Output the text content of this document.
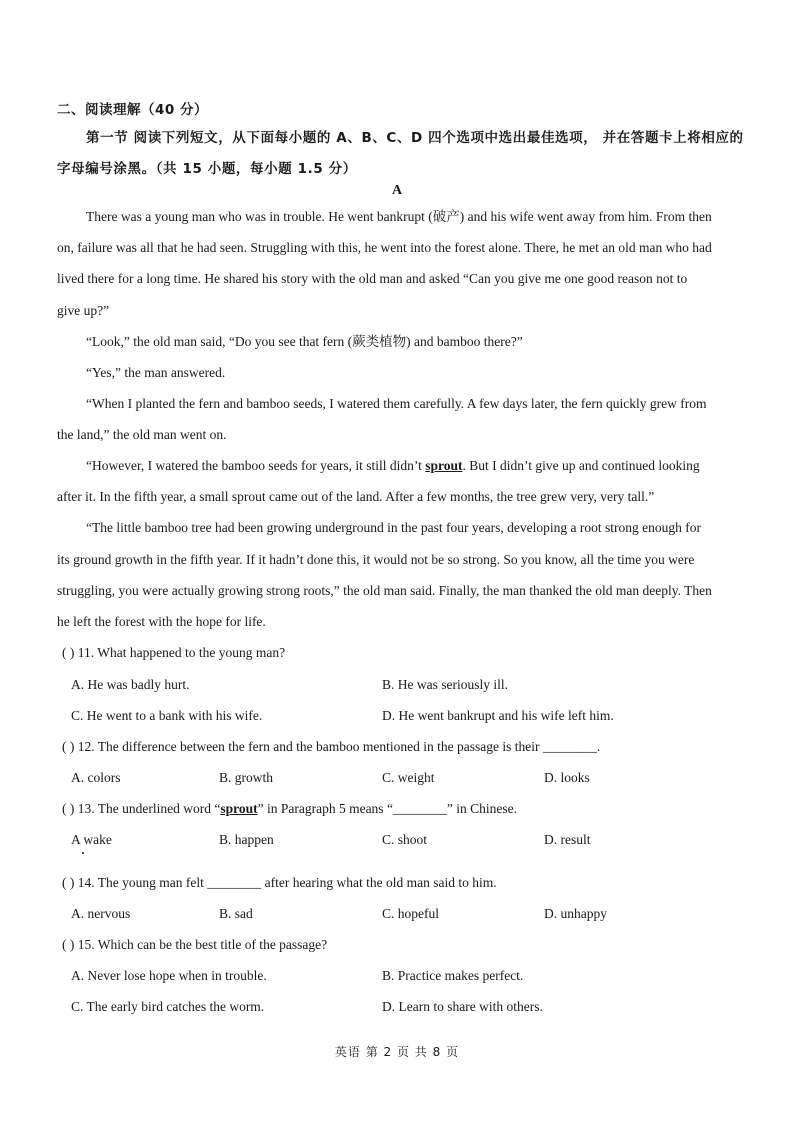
二、阅读理解（40 分）
第一节 阅读下列短文，从下面每小题的 A、B、C、D 四个选项中选出最佳选项， 并在答题卡上将相应的
字母编号涂黑。（共 15 小题，每小题 1.5 分）
A
There was a young man who was in trouble. He went bankrupt (破产) and his wife went away from him. From then
on, failure was all that he had seen. Struggling with this, he went into the forest alone. There, he met an old man who had
lived there for a long time. He shared his story with the old man and asked “Can you give me one good reason not to
give up?”
“Look,” the old man said, “Do you see that fern (蕨类植物) and bamboo there?”
“Yes,” the man answered.
“When I planted the fern and bamboo seeds, I watered them carefully. A few days later, the fern quickly grew from
the land,” the old man went on.
“However, I watered the bamboo seeds for years, it still didn’t sprout. But I didn’t give up and continued looking
after it. In the fifth year, a small sprout came out of the land. After a few months, the tree grew very, very tall.”
“The little bamboo tree had been growing underground in the past four years, developing a root strong enough for
its ground growth in the fifth year. If it hadn’t done this, it would not be so strong. So you know, all the time you were
struggling, you were actually growing strong roots,” the old man said. Finally, the man thanked the old man deeply. Then
he left the forest with the hope for life.
( ) 11. What happened to the young man?
A. He was badly hurt.	B. He was seriously ill.
C. He went to a bank with his wife.	D. He went bankrupt and his wife left him.
( ) 12. The difference between the fern and the bamboo mentioned in the passage is their ________.
A. colors	B. growth	C. weight	D. looks
( ) 13. The underlined word “sprout” in Paragraph 5 means “________” in Chinese.
A wake	B. happen	C. shoot	D. result
( ) 14. The young man felt ________ after hearing what the old man said to him.
A. nervous	B. sad	C. hopeful	D. unhappy
( ) 15. Which can be the best title of the passage?
A. Never lose hope when in trouble.	B. Practice makes perfect.
C. The early bird catches the worm.	D. Learn to share with others.
英语 第 2 页 共 8 页
